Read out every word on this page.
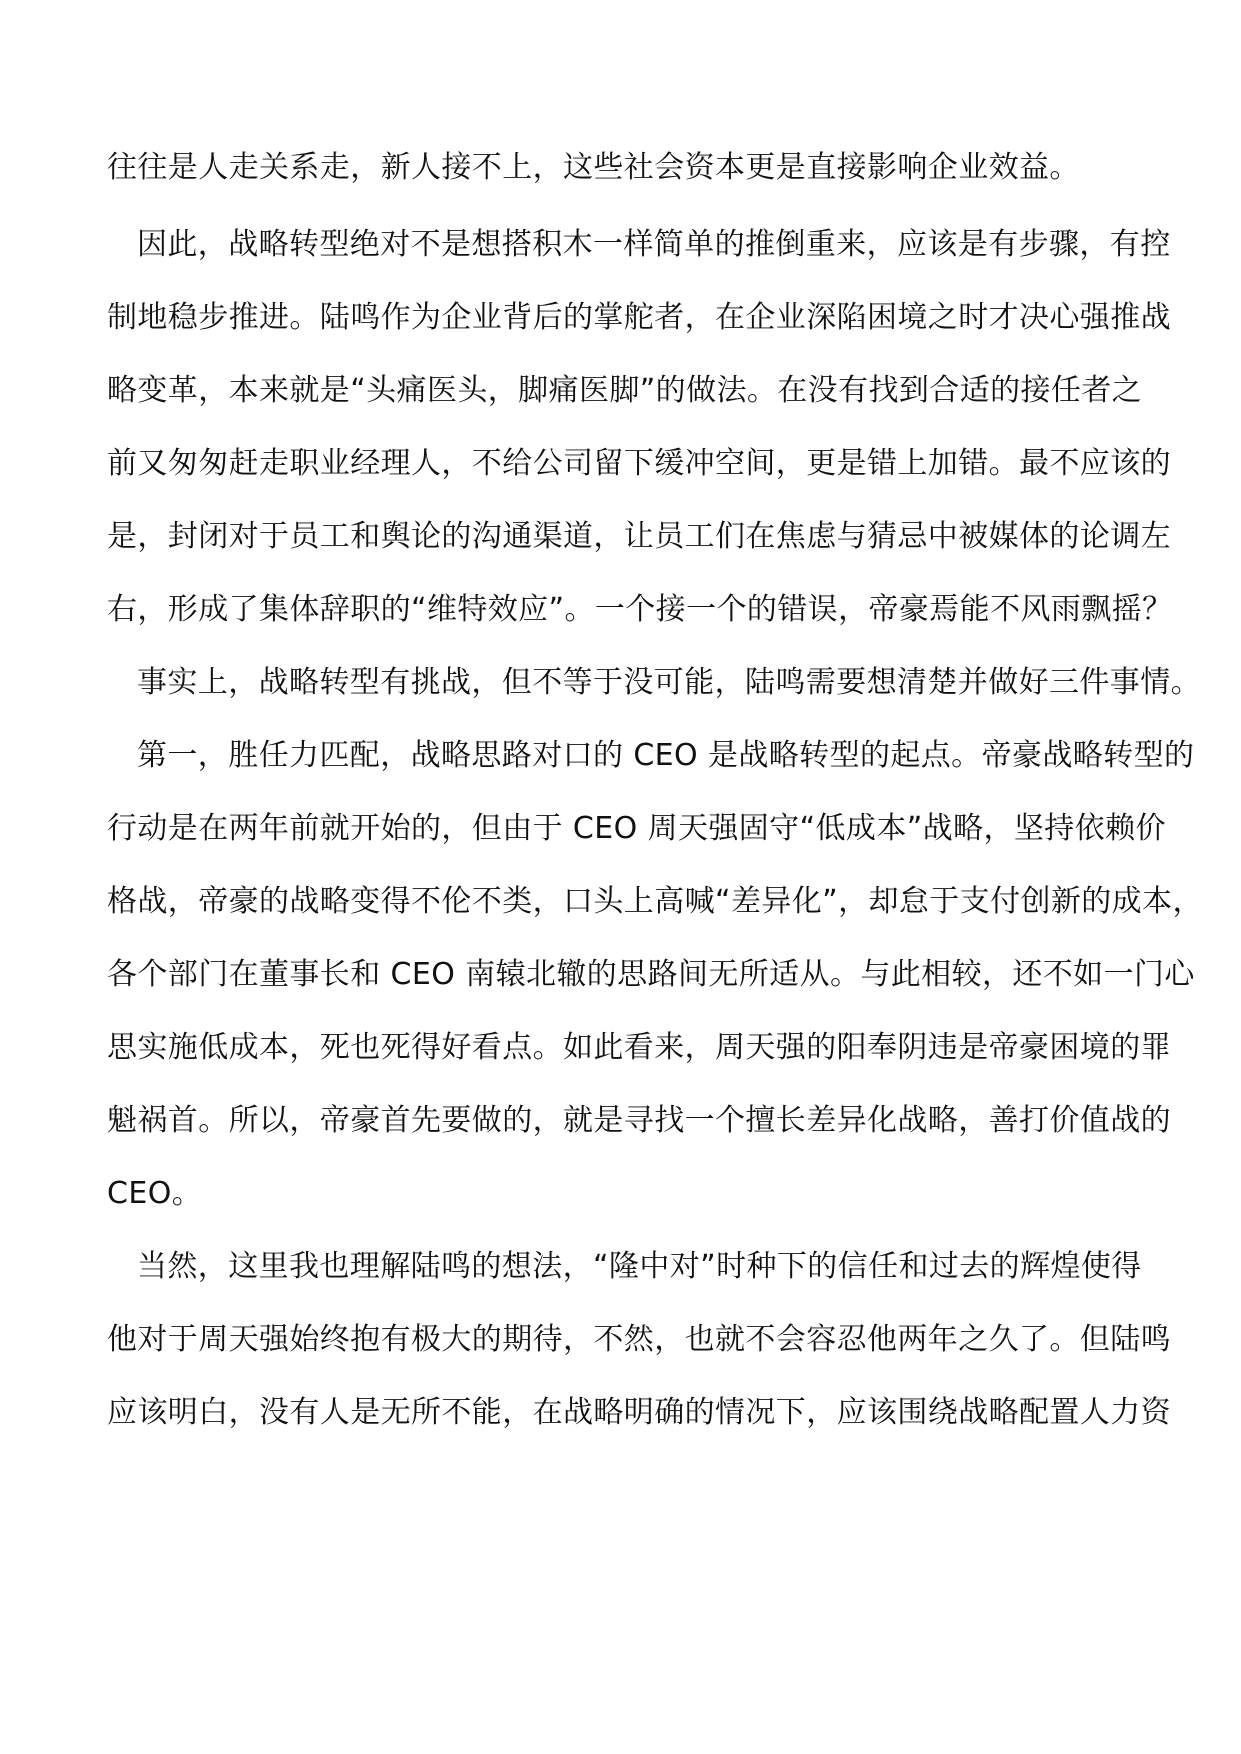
往往是人走关系走，新人接不上，这些社会资本更是直接影响企业效益。

因此，战略转型绝对不是想搭积木一样简单的推倒重来，应该是有步骤，有控

制地稳步推进。陆鸣作为企业背后的掌舵者，在企业深陷困境之时才决心强推战

略变革，本来就是“头痛医头，脚痛医脚”的做法。在没有找到合适的接任者之

前又匆匆赶走职业经理人，不给公司留下缓冲空间，更是错上加错。最不应该的

是，封闭对于员工和舆论的沟通渠道，让员工们在焦虑与猜忌中被媒体的论调左

右，形成了集体辞职的“维特效应”。一个接一个的错误，帝豪焉能不风雨飘摇？

事实上，战略转型有挑战，但不等于没可能，陆鸣需要想清楚并做好三件事情。

第一，胜任力匹配，战略思路对口的 CEO 是战略转型的起点。帝豪战略转型的

行动是在两年前就开始的，但由于 CEO 周天强固守“低成本”战略，坚持依赖价

格战，帝豪的战略变得不伦不类，口头上高喊“差异化”，却怠于支付创新的成本，

各个部门在董事长和 CEO 南辕北辙的思路间无所适从。与此相较，还不如一门心

思实施低成本，死也死得好看点。如此看来，周天强的阳奉阴违是帝豪困境的罪

魁祸首。所以，帝豪首先要做的，就是寻找一个擅长差异化战略，善打价值战的

CEO。

当然，这里我也理解陆鸣的想法，“隆中对”时种下的信任和过去的辉煌使得

他对于周天强始终抱有极大的期待，不然，也就不会容忍他两年之久了。但陆鸣

应该明白，没有人是无所不能，在战略明确的情况下，应该围绕战略配置人力资
